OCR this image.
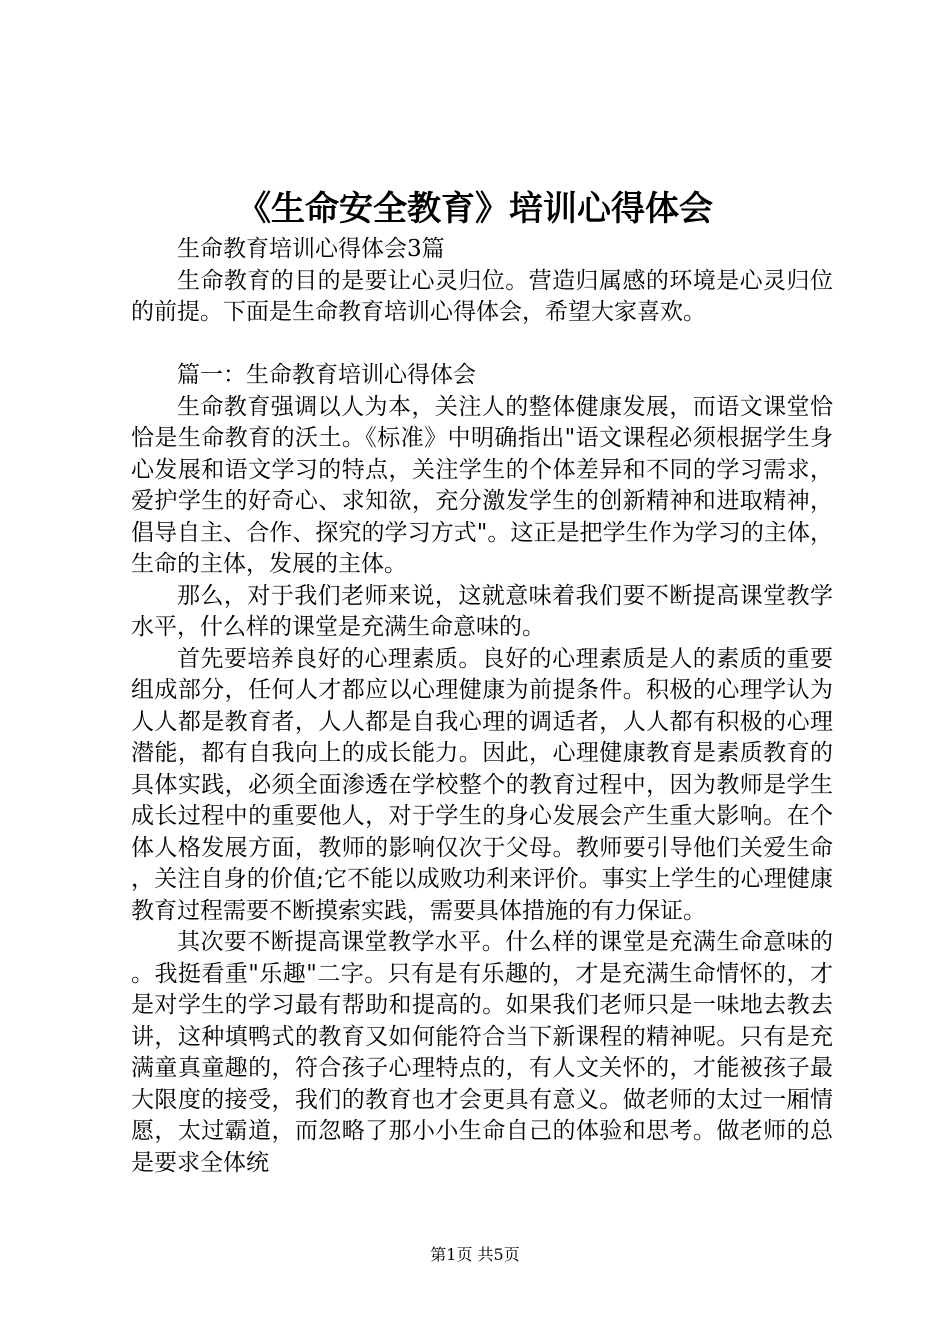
《生命安全教育》培训心得体会

生命教育培训心得体会3篇

生命教育的目的是要让心灵归位。营造归属感的环境是心灵归位的前提。下面是生命教育培训心得体会，希望大家喜欢。

篇一：生命教育培训心得体会

生命教育强调以人为本，关注人的整体健康发展，而语文课堂恰恰是生命教育的沃土。《标准》中明确指出"语文课程必须根据学生身心发展和语文学习的特点，关注学生的个体差异和不同的学习需求，爱护学生的好奇心、求知欲，充分激发学生的创新精神和进取精神，倡导自主、合作、探究的学习方式"。这正是把学生作为学习的主体，生命的主体，发展的主体。

那么，对于我们老师来说，这就意味着我们要不断提高课堂教学水平，什么样的课堂是充满生命意味的。

首先要培养良好的心理素质。良好的心理素质是人的素质的重要组成部分，任何人才都应以心理健康为前提条件。积极的心理学认为人人都是教育者，人人都是自我心理的调适者，人人都有积极的心理潜能，都有自我向上的成长能力。因此，心理健康教育是素质教育的具体实践，必须全面渗透在学校整个的教育过程中，因为教师是学生成长过程中的重要他人，对于学生的身心发展会产生重大影响。在个体人格发展方面，教师的影响仅次于父母。教师要引导他们关爱生命，关注自身的价值;它不能以成败功利来评价。事实上学生的心理健康教育过程需要不断摸索实践，需要具体措施的有力保证。

其次要不断提高课堂教学水平。什么样的课堂是充满生命意味的。我挺看重"乐趣"二字。只有是有乐趣的，才是充满生命情怀的，才是对学生的学习最有帮助和提高的。如果我们老师只是一味地去教去讲，这种填鸭式的教育又如何能符合当下新课程的精神呢。只有是充满童真童趣的，符合孩子心理特点的，有人文关怀的，才能被孩子最大限度的接受，我们的教育也才会更具有意义。做老师的太过一厢情愿，太过霸道，而忽略了那小小生命自己的体验和思考。做老师的总是要求全体统

第1页 共5页
